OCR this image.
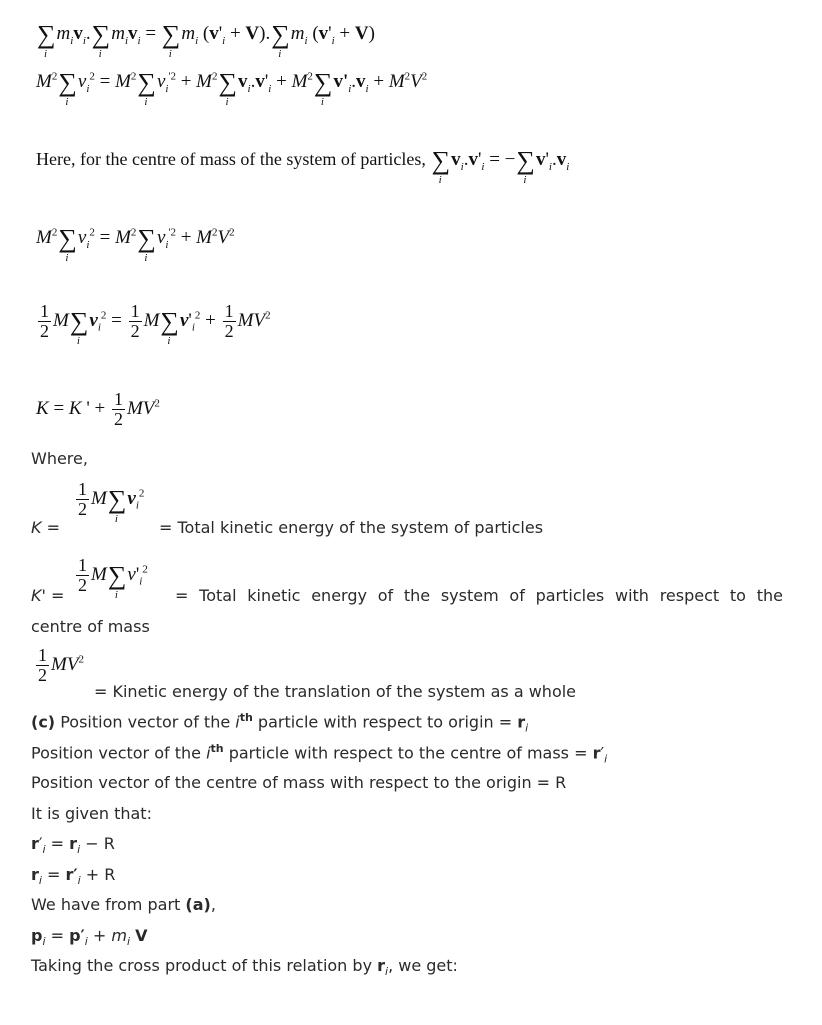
∑
i
$m_iv_i.\sum$
i
$m_iv_i$ = ∑
i
$m_i$ $(v'_i + V).\sum$
i
$m_i$ $(v'_i + V)$
$M^2\sum$
i
$v_i^2 = M^2\sum$
i
$v_i^{'2} + M^2\sum$
i
$v_i.v'_i + M^2\sum$
i
$v'_i.v_i + M^2V^2$
Here, for the centre of mass of the system of particles, ∑
i
$v_i.v'_i$ = −∑
i
$v'_i.v_i$
$M^2\sum$
i
$v_i^2 = M^2\sum$
i
$v_i^{'2} + M^2V^2$
$\frac{1}{2} M\sum$
i
$v_i^2 = \frac{1}{2} M\sum$
i
$v'_i^2 + \frac{1}{2} MV^2$
K = K ' + $\frac{1}{2} MV^2$
Where,
$\frac{1}{2} M\sum$
i
$v_i^2$
K =	= Total kinetic energy of the system of particles
$\frac{1}{2} M\sum$
i
$v'_i^2$
K' =	= Total kinetic energy of the system of particles with respect to the
centre of mass
$\frac{1}{2} MV^2$
= Kinetic energy of the translation of the system as a whole
(c) Position vector of the $i^{th}$ particle with respect to origin = $r_i$
Position vector of the $i^{th}$ particle with respect to the centre of mass = $r'_i$
Position vector of the centre of mass with respect to the origin = R
It is given that:
$r'_i = r_i - R$
$r_i = r'_i + R$
We have from part (a),
$p_i = p'_i + m_i$ V
Taking the cross product of this relation by $r_i$, we get:
